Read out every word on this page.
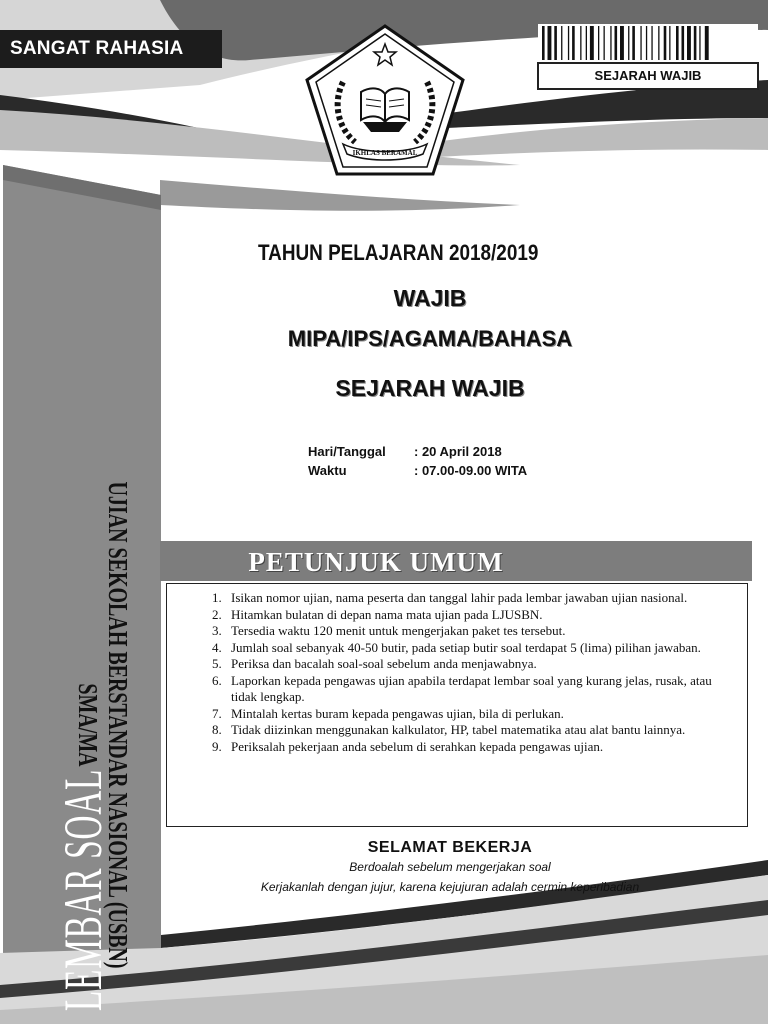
SANGAT RAHASIA
SEJARAH WAJIB
IKHLAS BERAMAL
LEMBAR SOAL
UJIAN SEKOLAH BERSTANDAR NASIONAL (USBN)
SMA/MA
TAHUN PELAJARAN 2018/2019
WAJIB
MIPA/IPS/AGAMA/BAHASA
SEJARAH WAJIB
Hari/Tanggal : 20 April 2018
Waktu	: 07.00-09.00 WITA
PETUNJUK UMUM
1. Isikan nomor ujian, nama peserta dan tanggal lahir pada lembar jawaban ujian nasional.
2. Hitamkan bulatan di depan nama mata ujian pada LJUSBN.
3. Tersedia waktu 120 menit untuk mengerjakan paket tes tersebut.
4. Jumlah soal sebanyak 40-50 butir, pada setiap butir soal terdapat 5 (lima) pilihan jawaban.
5. Periksa dan bacalah soal-soal sebelum anda menjawabnya.
6. Laporkan kepada pengawas ujian apabila terdapat lembar soal yang kurang jelas, rusak, atau tidak lengkap.
7. Mintalah kertas buram kepada pengawas ujian, bila di perlukan.
8. Tidak diizinkan menggunakan kalkulator, HP, tabel matematika atau alat bantu lainnya.
9. Periksalah pekerjaan anda sebelum di serahkan kepada pengawas ujian.
SELAMAT BEKERJA
Berdoalah sebelum mengerjakan soal
Kerjakanlah dengan jujur, karena kejujuran adalah cermin keperibadian
